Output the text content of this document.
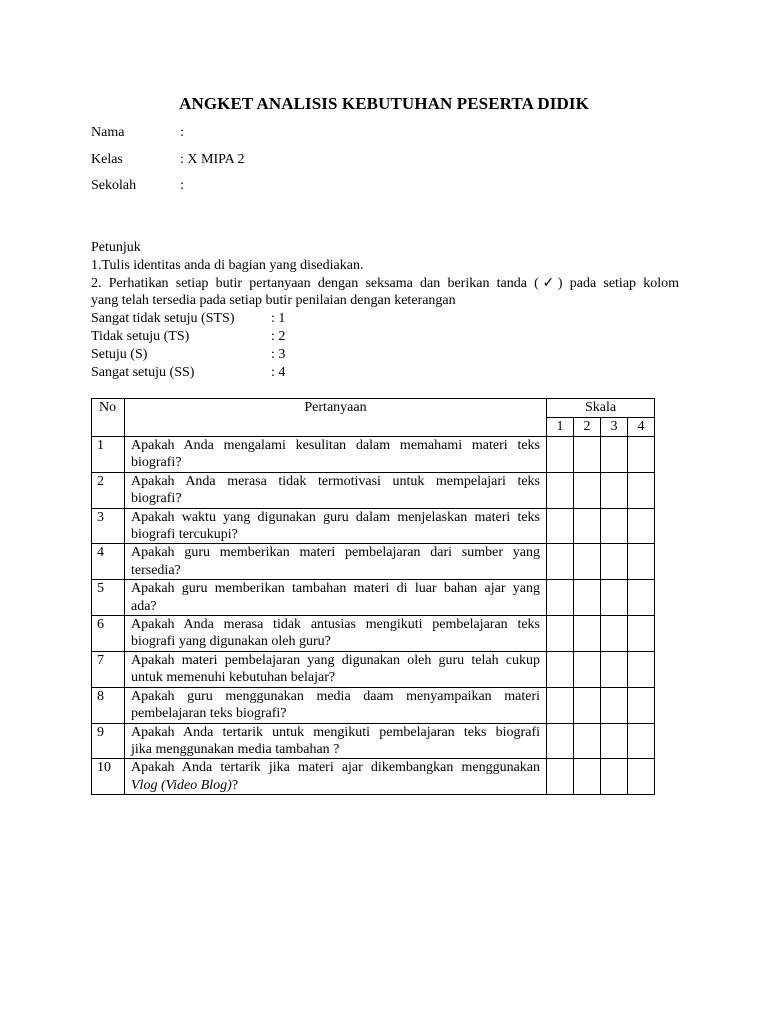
ANGKET ANALISIS KEBUTUHAN PESERTA DIDIK
Nama	:
Kelas	: X MIPA 2
Sekolah	:

Petunjuk

1.Tulis identitas anda di bagian yang disediakan.

2. Perhatikan setiap butir pertanyaan dengan seksama dan berikan tanda (✓) pada setiap kolom

yang telah tersedia pada setiap butir penilaian dengan keterangan

Sangat tidak setuju (STS)	: 1
Tidak setuju (TS)	: 2
Setuju (S)	: 3
Sangat setuju (SS)	: 4
No	Pertanyaan	Skala			
		1	2	3	4
1	Apakah Anda mengalami kesulitan dalam memahami materi teks
biografi?				

2	Apakah Anda merasa tidak termotivasi untuk mempelajari teks
biografi?				

3	Apakah waktu yang digunakan guru dalam menjelaskan materi teks
biografi tercukupi?				

4	Apakah guru memberikan materi pembelajaran dari sumber yang
tersedia?				

5	Apakah guru memberikan tambahan materi di luar bahan ajar yang
ada?				

6	Apakah Anda merasa tidak antusias mengikuti pembelajaran teks
biografi yang digunakan oleh guru?				

7	Apakah materi pembelajaran yang digunakan oleh guru telah cukup
untuk memenuhi kebutuhan belajar?				

8	Apakah guru menggunakan media daam menyampaikan materi
pembelajaran teks biografi?				

9	Apakah Anda tertarik untuk mengikuti pembelajaran teks biografi
jika menggunakan media tambahan ?				

10	Apakah Anda tertarik jika materi ajar dikembangkan menggunakan
Vlog (Video Blog)?				
